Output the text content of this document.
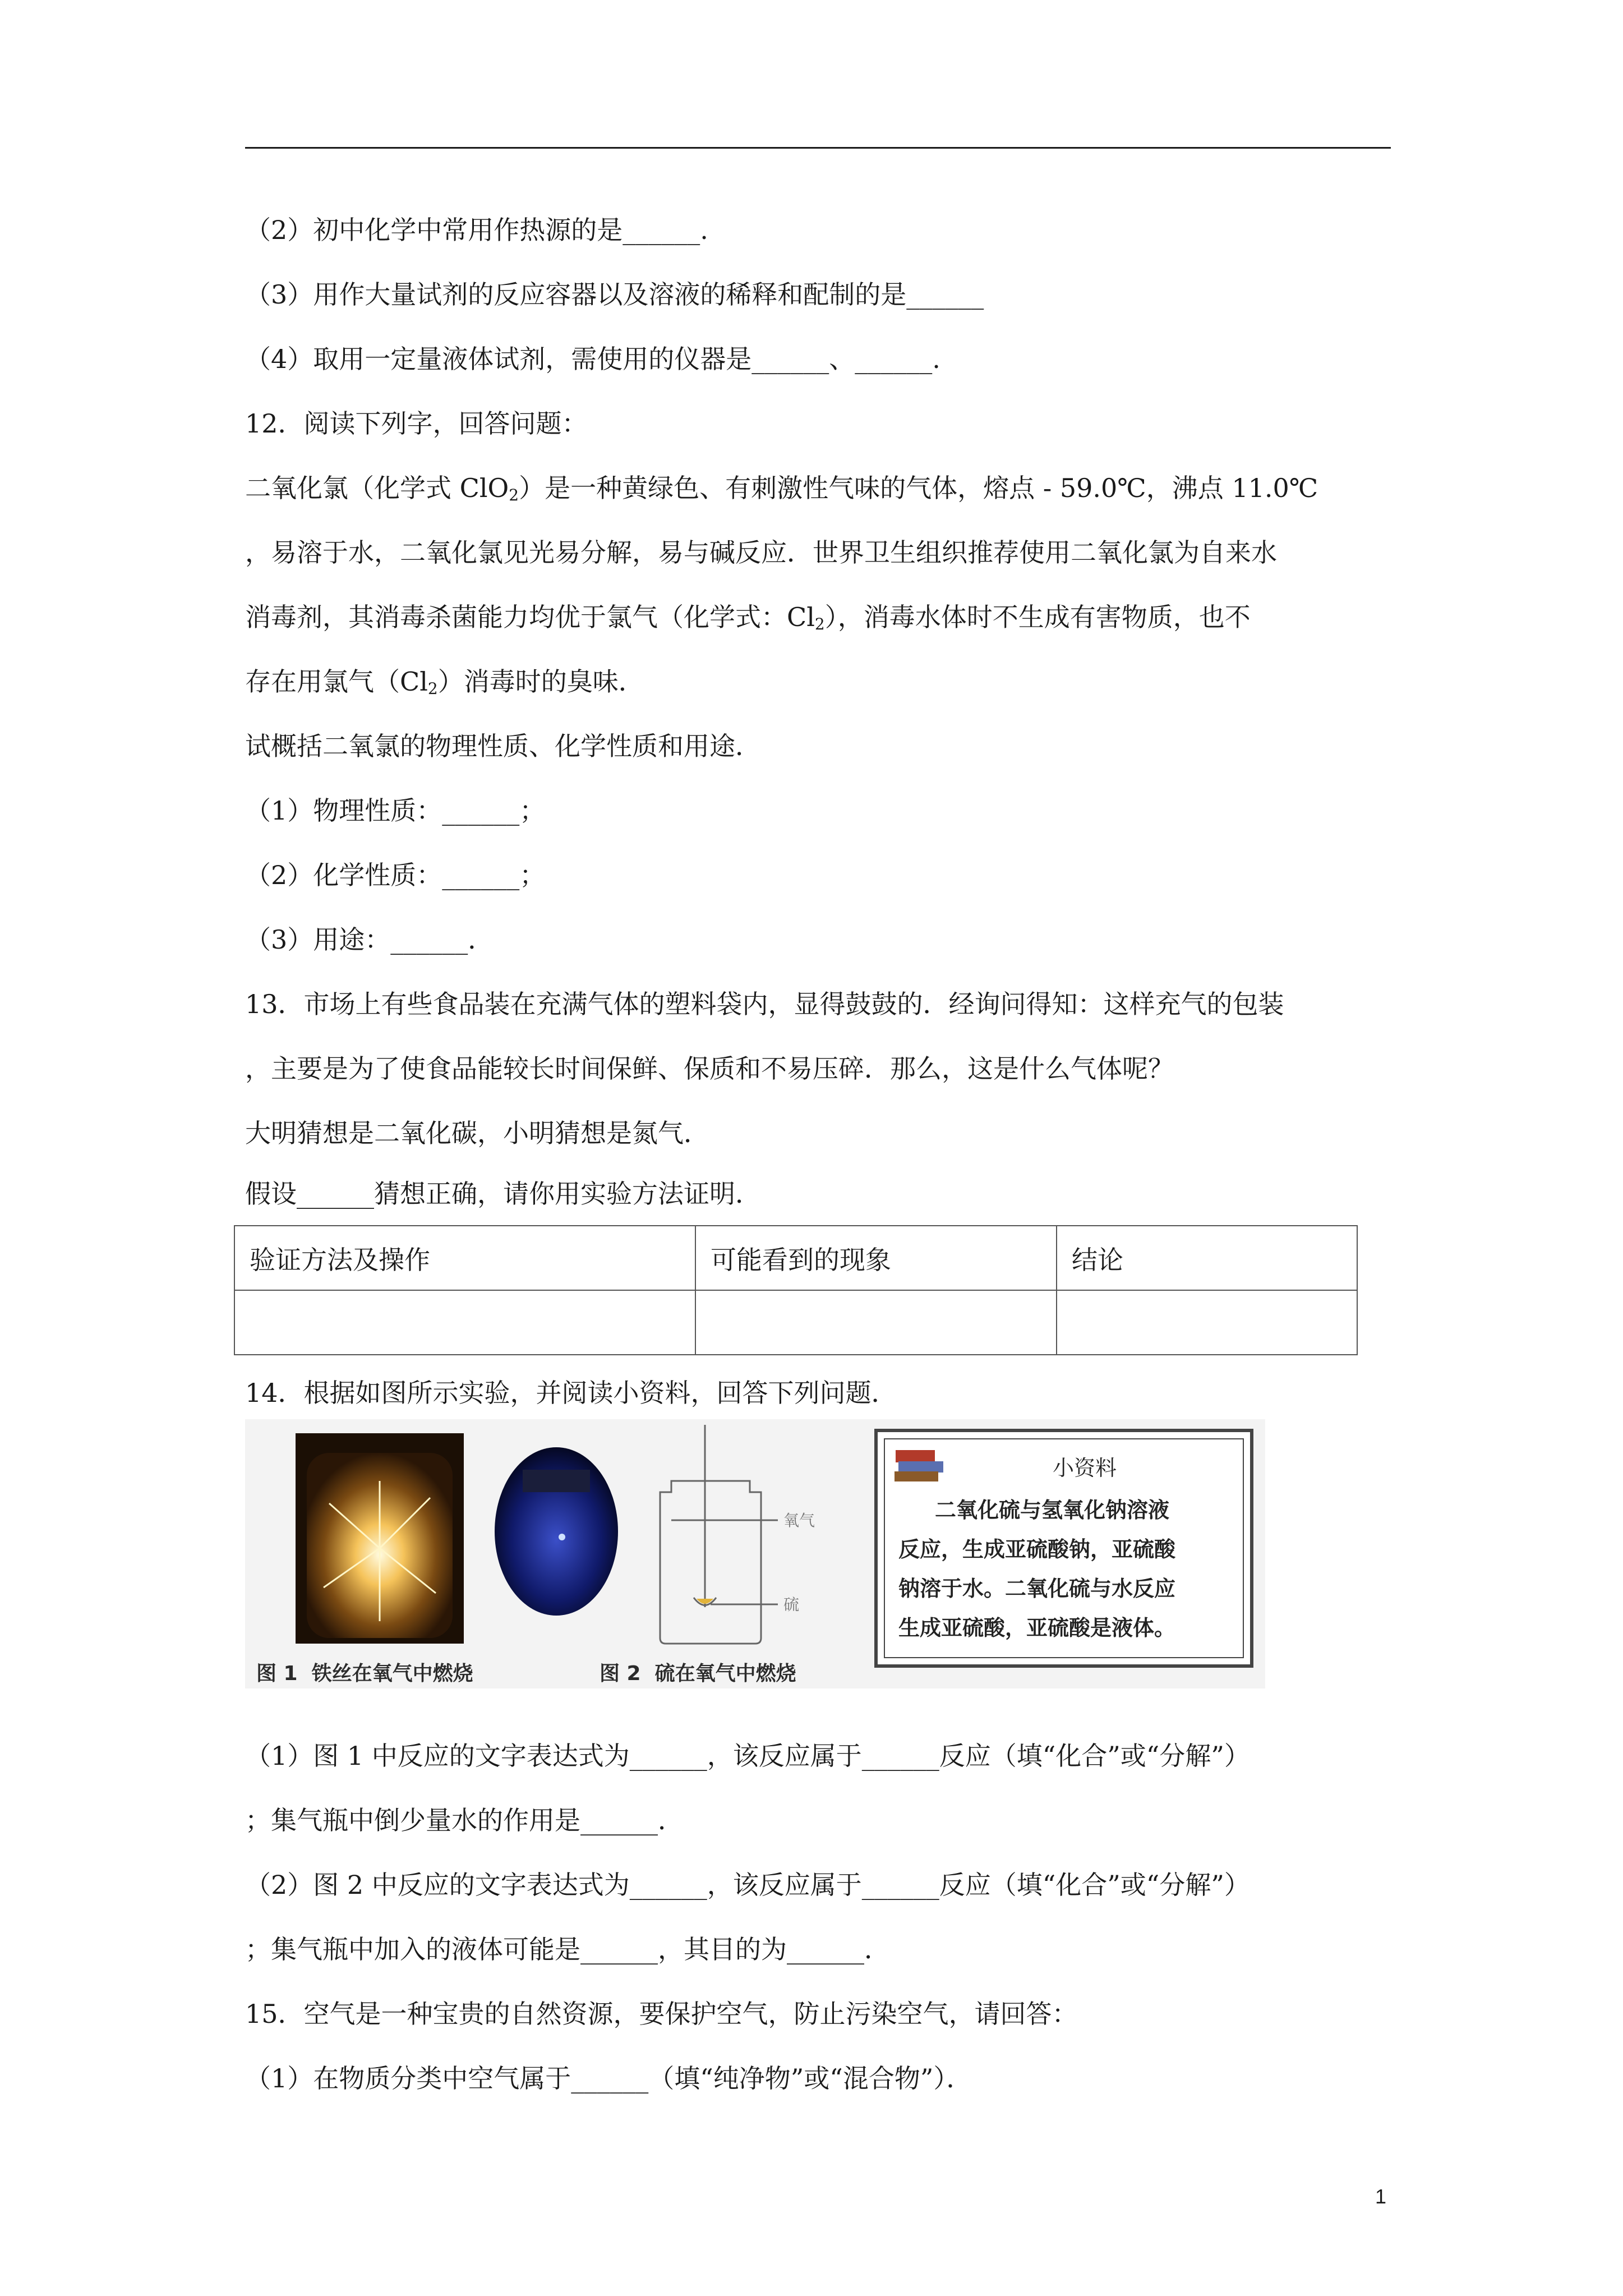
（2）初中化学中常用作热源的是______.
（3）用作大量试剂的反应容器以及溶液的稀释和配制的是______
（4）取用一定量液体试剂，需使用的仪器是______、______.
12．阅读下列字，回答问题：
二氧化氯（化学式 ClO$_2$）是一种黄绿色、有刺激性气味的气体，熔点 - 59.0℃，沸点 11.0℃
，易溶于水，二氧化氯见光易分解，易与碱反应．世界卫生组织推荐使用二氧化氯为自来水
消毒剂，其消毒杀菌能力均优于氯气（化学式：$Cl_2$），消毒水体时不生成有害物质，也不
存在用氯气$(Cl_2)$消毒时的臭味．
试概括二氧氯的物理性质、化学性质和用途．
（1）物理性质：______；
（2）化学性质：______；
（3）用途：______．
13．市场上有些食品装在充满气体的塑料袋内，显得鼓鼓的．经询问得知：这样充气的包装
，主要是为了使食品能较长时间保鲜、保质和不易压碎．那么，这是什么气体呢？
大明猜想是二氧化碳，小明猜想是氮气．
假设______猜想正确，请你用实验方法证明．
验证方法及操作	可能看到的现象	结论

14．根据如图所示实验，并阅读小资料，回答下列问题．
氧气
硫
小资料
二氧化硫与氢氧化钠溶液
反应，生成亚硫酸钠，亚硫酸
钠溶于水。二氧化硫与水反应
生成亚硫酸，亚硫酸是液体。
图 1  铁丝在氧气中燃烧	图 2  硫在氧气中燃烧
（1）图 1 中反应的文字表达式为______，该反应属于______反应（填“化合”或“分解”）
；集气瓶中倒少量水的作用是______．
（2）图 2 中反应的文字表达式为______，该反应属于______反应（填“化合”或“分解”）
；集气瓶中加入的液体可能是______，其目的为______．
15．空气是一种宝贵的自然资源，要保护空气，防止污染空气，请回答：
（1）在物质分类中空气属于______（填“纯净物”或“混合物”）．
1
